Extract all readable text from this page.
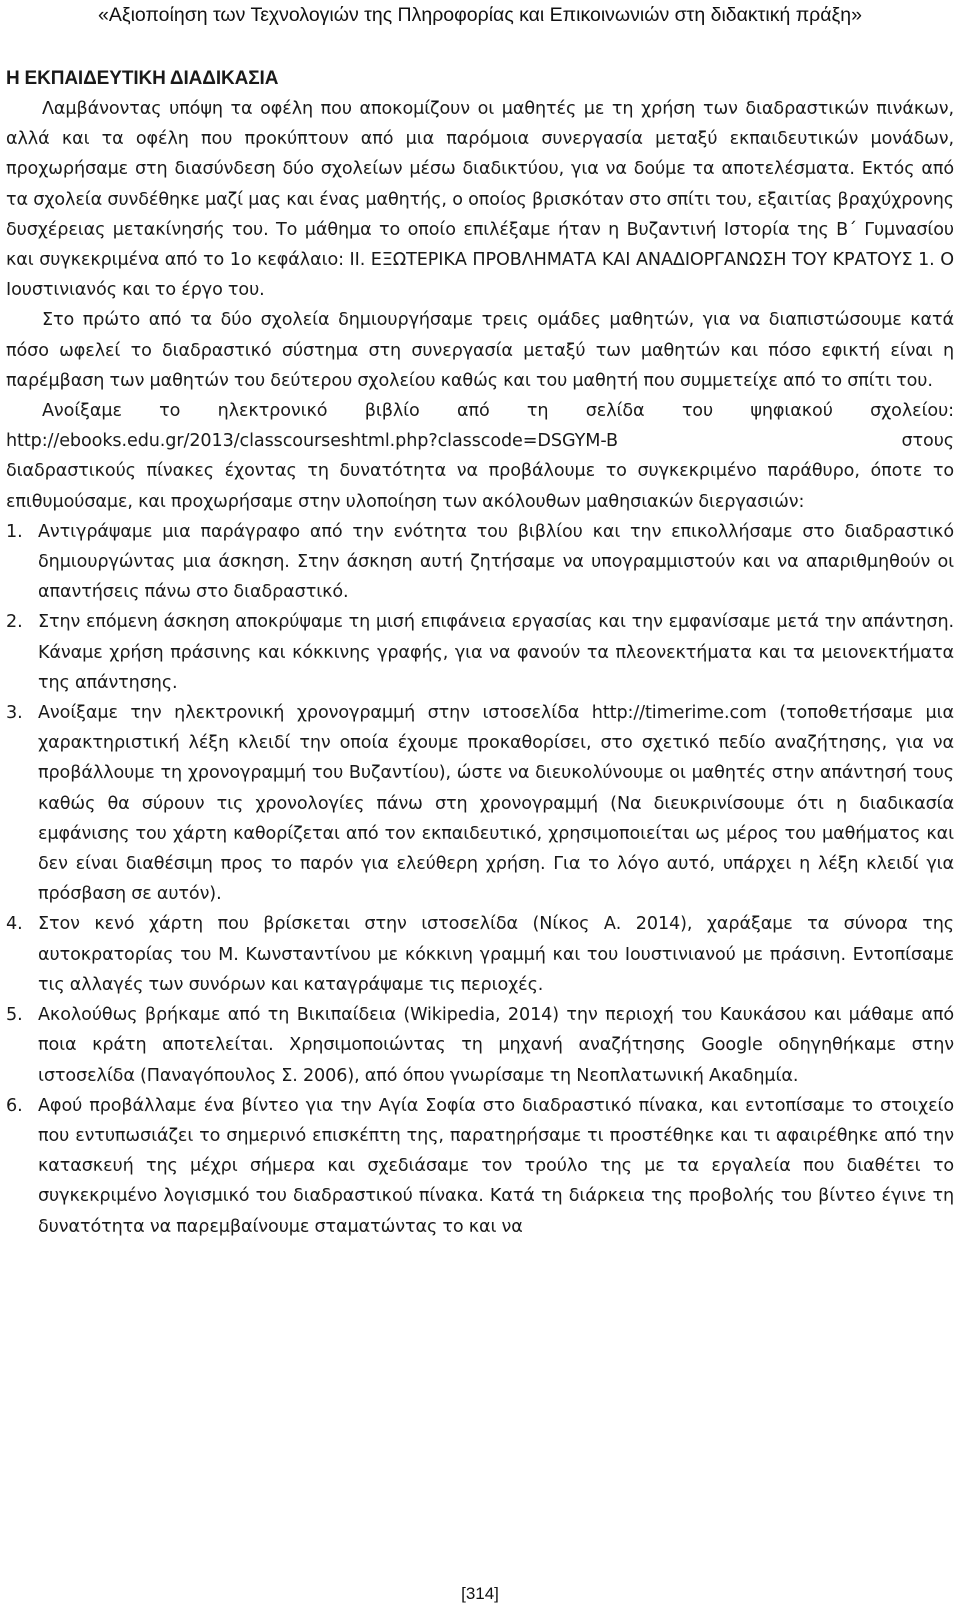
«Αξιοποίηση των Τεχνολογιών της Πληροφορίας και Επικοινωνιών στη διδακτική πράξη»
Η ΕΚΠΑΙΔΕΥΤΙΚΗ ΔΙΑΔΙΚΑΣΙΑ

Λαμβάνοντας υπόψη τα οφέλη που αποκομίζουν οι μαθητές με τη χρήση των διαδραστικών πινάκων, αλλά και τα οφέλη που προκύπτουν από μια παρόμοια συνεργασία μεταξύ εκπαιδευτικών μονάδων, προχωρήσαμε στη διασύνδεση δύο σχολείων μέσω διαδικτύου, για να δούμε τα αποτελέσματα. Εκτός από τα σχολεία συνδέθηκε μαζί μας και ένας μαθητής, ο οποίος βρισκόταν στο σπίτι του, εξαιτίας βραχύχρονης δυσχέρειας μετακίνησής του. Το μάθημα το οποίο επιλέξαμε ήταν η Βυζαντινή Ιστορία της Β΄ Γυμνασίου και συγκεκριμένα από το 1ο κεφάλαιο: ΙΙ. ΕΞΩΤΕΡΙΚΑ ΠΡΟΒΛΗΜΑΤΑ ΚΑΙ ΑΝΑΔΙΟΡΓΑΝΩΣΗ ΤΟΥ ΚΡΑΤΟΥΣ 1. Ο Ιουστινιανός και το έργο του.

Στο πρώτο από τα δύο σχολεία δημιουργήσαμε τρεις ομάδες μαθητών, για να διαπιστώσουμε κατά πόσο ωφελεί το διαδραστικό σύστημα στη συνεργασία μεταξύ των μαθητών και πόσο εφικτή είναι η παρέμβαση των μαθητών του δεύτερου σχολείου καθώς και του μαθητή που συμμετείχε από το σπίτι του.

Ανοίξαμε το ηλεκτρονικό βιβλίο από τη σελίδα του ψηφιακού σχολείου:

http://ebooks.edu.gr/2013/classcourseshtml.php?classcode=DSGYM-B	στους

διαδραστικούς πίνακες έχοντας τη δυνατότητα να προβάλουμε το συγκεκριμένο παράθυρο, όποτε το επιθυμούσαμε, και προχωρήσαμε στην υλοποίηση των ακόλουθων μαθησιακών διεργασιών:

1. Αντιγράψαμε μια παράγραφο από την ενότητα του βιβλίου και την επικολλήσαμε στο διαδραστικό δημιουργώντας μια άσκηση. Στην άσκηση αυτή ζητήσαμε να υπογραμμιστούν και να απαριθμηθούν οι απαντήσεις πάνω στο διαδραστικό.
2. Στην επόμενη άσκηση αποκρύψαμε τη μισή επιφάνεια εργασίας και την εμφανίσαμε μετά την απάντηση. Κάναμε χρήση πράσινης και κόκκινης γραφής, για να φανούν τα πλεονεκτήματα και τα μειονεκτήματα της απάντησης.
3. Ανοίξαμε την ηλεκτρονική χρονογραμμή στην ιστοσελίδα http://timerime.com (τοποθετήσαμε μια χαρακτηριστική λέξη κλειδί την οποία έχουμε προκαθορίσει, στο σχετικό πεδίο αναζήτησης, για να προβάλλουμε τη χρονογραμμή του Βυζαντίου), ώστε να διευκολύνουμε οι μαθητές στην απάντησή τους καθώς θα σύρουν τις χρονολογίες πάνω στη χρονογραμμή (Να διευκρινίσουμε ότι η διαδικασία εμφάνισης του χάρτη καθορίζεται από τον εκπαιδευτικό, χρησιμοποιείται ως μέρος του μαθήματος και δεν είναι διαθέσιμη προς το παρόν για ελεύθερη χρήση. Για το λόγο αυτό, υπάρχει η λέξη κλειδί για πρόσβαση σε αυτόν).
4. Στον κενό χάρτη που βρίσκεται στην ιστοσελίδα (Νίκος Α. 2014), χαράξαμε τα σύνορα της αυτοκρατορίας του Μ. Κωνσταντίνου με κόκκινη γραμμή και του Ιουστινιανού με πράσινη. Εντοπίσαμε τις αλλαγές των συνόρων και καταγράψαμε τις περιοχές.
5. Ακολούθως βρήκαμε από τη Βικιπαίδεια (Wikipedia, 2014) την περιοχή του Καυκάσου και μάθαμε από ποια κράτη αποτελείται. Χρησιμοποιώντας τη μηχανή αναζήτησης Google οδηγηθήκαμε στην ιστοσελίδα (Παναγόπουλος Σ. 2006), από όπου γνωρίσαμε τη Νεοπλατωνική Ακαδημία.
6. Αφού προβάλλαμε ένα βίντεο για την Αγία Σοφία στο διαδραστικό πίνακα, και εντοπίσαμε το στοιχείο που εντυπωσιάζει το σημερινό επισκέπτη της, παρατηρήσαμε τι προστέθηκε και τι αφαιρέθηκε από την κατασκευή της μέχρι σήμερα και σχεδιάσαμε τον τρούλο της με τα εργαλεία που διαθέτει το συγκεκριμένο λογισμικό του διαδραστικού πίνακα. Κατά τη διάρκεια της προβολής του βίντεο έγινε τη δυνατότητα να παρεμβαίνουμε σταματώντας το και να
[314]
